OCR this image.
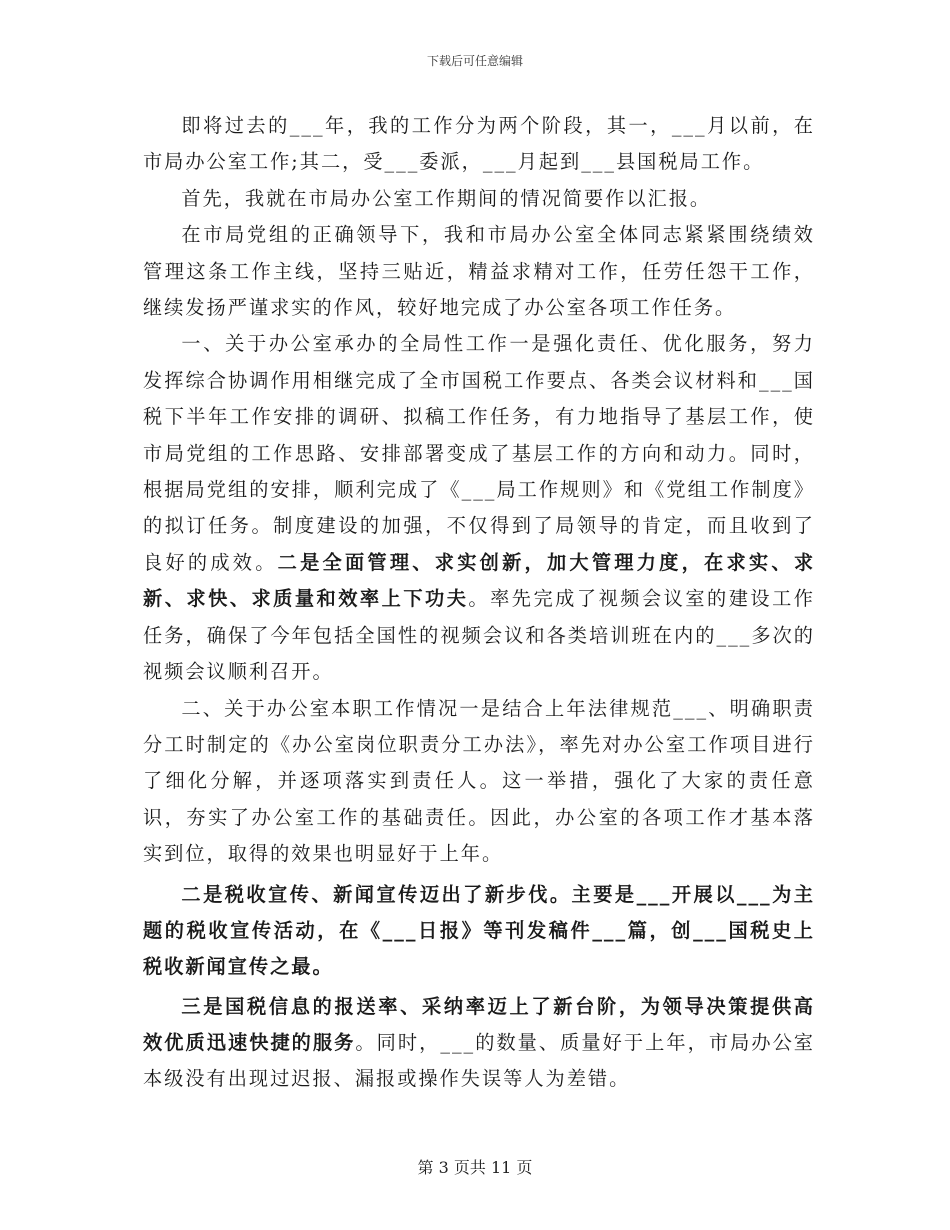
下载后可任意编辑

即将过去的___年，我的工作分为两个阶段，其一，___月以前，在市局办公室工作;其二，受___委派，___月起到___县国税局工作。

首先，我就在市局办公室工作期间的情况简要作以汇报。

在市局党组的正确领导下，我和市局办公室全体同志紧紧围绕绩效管理这条工作主线，坚持三贴近，精益求精对工作，任劳任怨干工作，继续发扬严谨求实的作风，较好地完成了办公室各项工作任务。

一、关于办公室承办的全局性工作一是强化责任、优化服务，努力发挥综合协调作用相继完成了全市国税工作要点、各类会议材料和___国税下半年工作安排的调研、拟稿工作任务，有力地指导了基层工作，使市局党组的工作思路、安排部署变成了基层工作的方向和动力。同时，根据局党组的安排，顺利完成了《___局工作规则》和《党组工作制度》的拟订任务。制度建设的加强，不仅得到了局领导的肯定，而且收到了良好的成效。二是全面管理、求实创新，加大管理力度，在求实、求新、求快、求质量和效率上下功夫。率先完成了视频会议室的建设工作任务，确保了今年包括全国性的视频会议和各类培训班在内的___多次的视频会议顺利召开。

二、关于办公室本职工作情况一是结合上年法律规范___、明确职责分工时制定的《办公室岗位职责分工办法》，率先对办公室工作项目进行了细化分解，并逐项落实到责任人。这一举措，强化了大家的责任意识，夯实了办公室工作的基础责任。因此，办公室的各项工作才基本落实到位，取得的效果也明显好于上年。

二是税收宣传、新闻宣传迈出了新步伐。主要是___开展以___为主题的税收宣传活动，在《___日报》等刊发稿件___篇，创___国税史上税收新闻宣传之最。

三是国税信息的报送率、采纳率迈上了新台阶，为领导决策提供高效优质迅速快捷的服务。同时，___的数量、质量好于上年，市局办公室本级没有出现过迟报、漏报或操作失误等人为差错。

第 3 页共 11 页
